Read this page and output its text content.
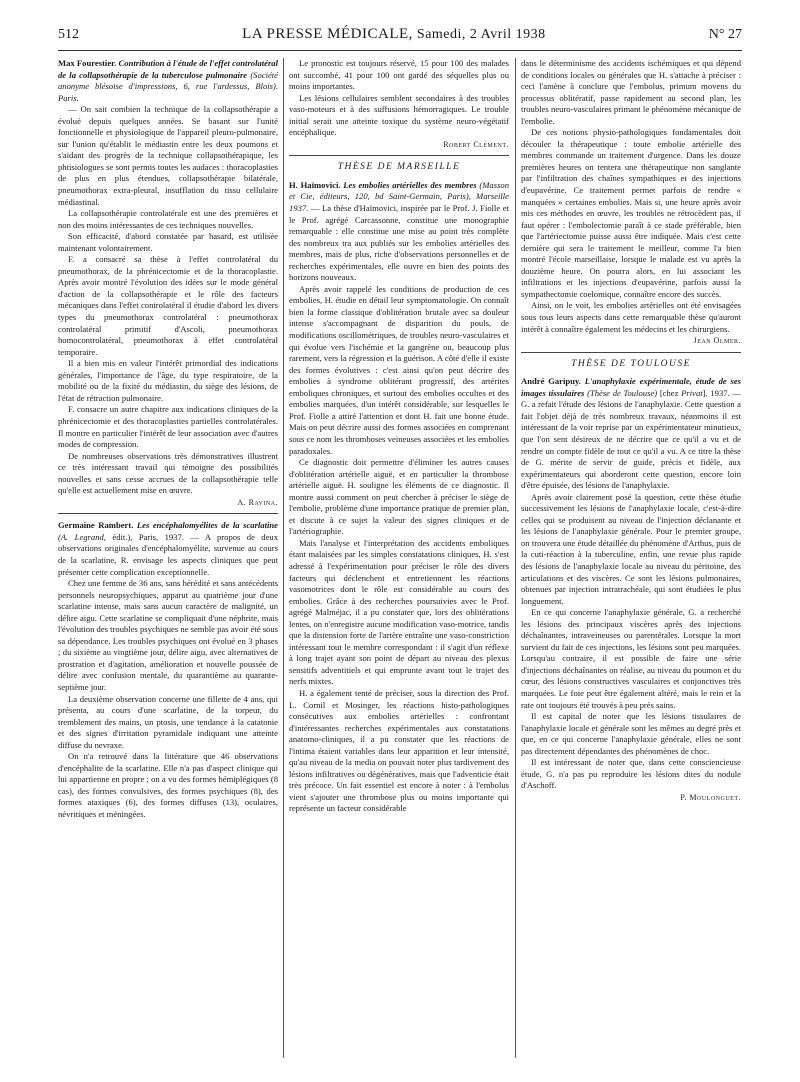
512	LA PRESSE MÉDICALE, Samedi, 2 Avril 1938	N° 27

Max Fourestier. Contribution à l'étude de l'effet controlatéral de la collapsothérapie de la tuberculose pulmonaire (Société anonyme blésoise d'impressions, 6, rue l'ardessus, Blois). Paris.

— On sait combien la technique de la collapsothérapie a évolué depuis quelques années. Se basant sur l'unité fonctionnelle et physiologique de l'appareil pleuro-pulmonaire, sur l'union qu'établit le médiastin entre les deux poumons et s'aidant des progrès de la technique collapsothérapique, les phtisiologues se sont permis toutes les audaces : thoracoplasties de plus en plus étendues, collapsothérapie bilatérale, pneumothorax extra-pleural, insufflation du tissu cellulaire médiastinal.

La collapsothérapie controlatérale est une des premières et non des moins intéressantes de ces techniques nouvelles.

Son efficacité, d'abord constatée par hasard, est utilisée maintenant volontairement.

F. a consacré sa thèse à l'effet controlatéral du pneumothorax, de la phrénicectomie et de la thoracoplastie. Après avoir montré l'évolution des idées sur le mode général d'action de la collapsothérapie et le rôle des facteurs mécaniques dans l'effet controlatéral il étudie d'abord les divers types du pneumothorax controlatéral : pneumothorax controlatéral primitif d'Ascoli, pneumothorax homocontrolatéral, pneumothorax à effet controlatéral temporaire.

Il a bien mis en valeur l'intérêt primordial des indications générales, l'importance de l'âge, du type respiratoire, de la mobilité ou de la fixité du médiastin, du siège des lésions, de l'état de rétraction pulmonaire.

F. consacre un autre chapitre aux indications cliniques de la phrénicectomie et des thoracoplasties partielles controlatérales. Il montre en particulier l'intérêt de leur association avec d'autres modes de compression.

De nombreuses observations très démonstratives illustrent ce très intéressant travail qui témoigne des possibilités nouvelles et sans cesse accrues de la collapsothérapie telle qu'elle est actuellement mise en œuvre.

A. Ravina.

Germaine Rambert. Les encéphalomyélites de la scarlatine (A. Legrand, édit.), Paris, 1937. — A propos de deux observations originales d'encéphalomyélite, survenue au cours de la scarlatine, R. envisage les aspects cliniques que peut présenter cette complication exceptionnelle.

Chez une femme de 36 ans, sans hérédité et sans antécédents personnels neuropsychiques, apparut au quatrième jour d'une scarlatine intense, mais sans aucun caractère de malignité, un délire aigu. Cette scarlatine se compliquait d'une néphrite, mais l'évolution des troubles psychiques ne semble pas avoir été sous sa dépendance. Les troubles psychiques ont évolué en 3 phases ; du sixième au vingtième jour, délire aigu, avec alternatives de prostration et d'agitation, amélioration et nouvelle poussée de délire avec confusion mentale, du quarantième au quarante-septième jour.

La deuxième observation concerne une fillette de 4 ans, qui présenta, au cours d'une scarlatine, de la torpeur, du tremblement des mains, un ptosis, une tendance à la catatonie et des signes d'irritation pyramidale indiquant une atteinte diffuse du nevraxe.

On n'a retrouvé dans la littérature que 46 observations d'encéphalite de la scarlatine. Elle n'a pas d'aspect clinique qui lui appartienne en propre ; on a vu des formes hémiplégiques (8 cas), des formes convulsives, des formes psychiques (8), des formes ataxiques (6), des formes diffuses (13), oculaires, névritiques et méningées.

Le pronostic est toujours réservé, 15 pour 100 des malades ont succombé, 41 pour 100 ont gardé des séquelles plus ou moins importantes.

Les lésions cellulaires semblent secondaires à des troubles vaso-moteurs et à des suffusions hémorragiques. Le trouble initial serait une atteinte toxique du système neuro-végétatif encéphalique.

Robert Clément.

THÈSE DE MARSEILLE

H. Haïmovici. Les embolies artérielles des membres (Masson et Cie, éditeurs, 120, bd Saint-Germain, Paris), Marseille 1937. — La thèse d'Haïmovici, inspirée par le Prof. J. Fiolle et le Prof. agrégé Carcassonne, constitue une monographie remarquable : elle constitue une mise au point très complète des nombreux tra aux publiés sur les embolies artérielles des membres, mais de plus, riche d'observations personnelles et de recherches expérimentales, elle ouvre en bien des points des horizons nouveaux.

Après avoir rappelé les conditions de production de ces embolies, H. étudie en détail leur symptomatologie. On connaît bien la forme classique d'oblitération brutale avec sa douleur intense s'accompagnant de disparition du pouls, de modifications oscillométriques, de troubles neuro-vasculaires et qui évolue vers l'ischémie et la gangrène ou, beaucoup plus rarement, vers la régression et la guérison. A côté d'elle il existe des formes évolutives : c'est ainsi qu'on peut décrire des embolies à syndrome oblitérant progressif, des artérites emboliques chroniques, et surtout des embolies occultes et des embolies marquées, d'un intérêt considérable, sur lesquelles le Prof. Fiolle a attiré l'attention et dont H. fait une bonne étude. Mais on peut décrire aussi des formes associées en comprenant sous ce nom les thromboses veineuses associées et les embolies paradoxales.

Ce diagnostic doit permettre d'éliminer les autres causes d'oblitération artérielle aiguë, et en particulier la thrombose artérielle aiguë. H. souligne les éléments de ce diagnostic. Il montre aussi comment on peut chercher à préciser le siège de l'embolie, problème d'une importance pratique de premier plan, et discute à ce sujet la valeur des signes cliniques et de l'artériographie.

Mais l'analyse et l'interprétation des accidents emboliques étant malaisées par les simples constatations cliniques, H. s'est adressé à l'expérimentation pour préciser le rôle des divers facteurs qui déclenchent et entretiennent les réactions vasomotrices dont le rôle est considérable au cours des embolies. Grâce à des recherches poursuivies avec le Prof. agrégé Malméjac, il a pu constater que, lors des oblitérations lentes, on n'enregistre aucune modification vaso-motrice, tandis que la distension forte de l'artère entraîne une vaso-constriction intéressant tout le membre correspondant : il s'agit d'un réflexe à long trajet ayant son point de départ au niveau des plexus sensitifs adventitiels et qui emprunte avant tout le trajet des nerfs mixtes.

H. a également tenté de préciser, sous la direction des Prof. L. Cornil et Mosinger, les réactions histo-pathologiques consécutives aux embolies artérielles : confrontant d'intéressantes recherches expérimentales aux constatations anatomo-cliniques, il a pu constater que les réactions de l'intima étaient variables dans leur apparition et leur intensité, qu'au niveau de la media on pouvait noter plus tardivement des lésions infiltratives ou dégénératives, mais que l'adventicie était très précoce. Un fait essentiel est encore à noter : à l'embolus vient s'ajouter une thrombose plus ou moins importante qui représente un facteur considérable

dans le déterminisme des accidents ischémiques et qui dépend de conditions locales ou générales que H. s'attache à préciser : ceci l'amène à conclure que l'embolus, primum movens du processus oblitératif, passe rapidement au second plan, les troubles neuro-vasculaires primant le phénomène mécanique de l'embolie.

De ces notions physio-pathologiques fondamentales doit découler la thérapeutique : toute embolie artérielle des membres commande un traitement d'urgence. Dans les douze premières heures on tentera une thérapeutique non sanglante par l'infiltration des chaînes sympathiques et des injections d'eupavérine. Ce traitement permet parfois de rendre « manquées » certaines embolies. Mais si, une heure après avoir mis ces méthodes en œuvre, les troubles ne rétrocèdent pas, il faut opérer : l'embolectomie paraît à ce stade préférable, bien que l'artériectomie puisse aussi être indiquée. Mais c'est cette dernière qui sera le traitement le meilleur, comme l'a bien montré l'école marseillaise, lorsque le malade est vu après la douzième heure. On pourra alors, en lui associant les infiltrations et les injections d'eupavérine, parfois aussi la sympathectomie coelomique, connaître encore des succès.

Ainsi, on le voit, les embolies artérielles ont été envisagées sous tous leurs aspects dans cette remarquable thèse qu'auront intérêt à connaître également les médecins et les chirurgiens.

Jean Olmer.

THÈSE DE TOULOUSE

André Garipuy. L'anaphylaxie expérimentale, étude de ses images tissulaires (Thèse de Toulouse) [chez Privat]. 1937. — G. a refait l'étude des lésions de l'anaphylaxie. Cette question a fait l'objet déjà de très nombreux travaux, néanmoins il est intéressant de la voir reprise par un expérimentateur minutieux, que l'on sent désireux de ne décrire que ce qu'il a vu et de rendre un compte fidèle de tout ce qu'il a vu. A ce titre la thèse de G. mérite de servir de guide, précis et fidèle, aux expérimentateurs qui aborderont cette question, encore loin d'être épuisée, des lésions de l'anaphylaxie.

Après avoir clairement posé la question, cette thèse étudie successivement les lésions de l'anaphylaxie locale, c'est-à-dire celles qui se produisent au niveau de l'injection déclanante et les lésions de l'anaphylaxie générale. Pour le premier groupe, on trouvera une étude détaillée du phénomène d'Arthus, puis de la cuti-réaction à la tuberculine, enfin, une revue plus rapide des lésions de l'anaphylaxie locale au niveau du péritoine, des articulations et des viscères. Ce sont les lésions pulmonaires, obtenues par injection intratrachéale, qui sont étudiées le plus longuement.

En ce qui concerne l'anaphylaxie générale, G. a recherché les lésions des principaux viscères après des injections déchaînantes, intraveineuses ou parentérales. Lorsque la mort survient du fait de ces injections, les lésions sont peu marquées. Lorsqu'au contraire, il est possible de faire une série d'injections déchaînantes on réalise, au niveau du poumon et du cœur, des lésions constructives vasculaires et conjonctives très marquées. Le foie peut être également altéré, mais le rein et la rate ont toujours été trouvés à peu près sains.

Il est capital de noter que les lésions tissulaires de l'anaphylaxie locale et générale sont les mêmes au degré près et que, en ce qui concerne l'anaphylaxie générale, elles ne sont pas directement dépendantes des phénomènes de choc.

Il est intéressant de noter que, dans cette consciencieuse étude, G. n'a pas pu reproduire les lésions dites du nodule d'Aschoff.

P. Moulonguet.
